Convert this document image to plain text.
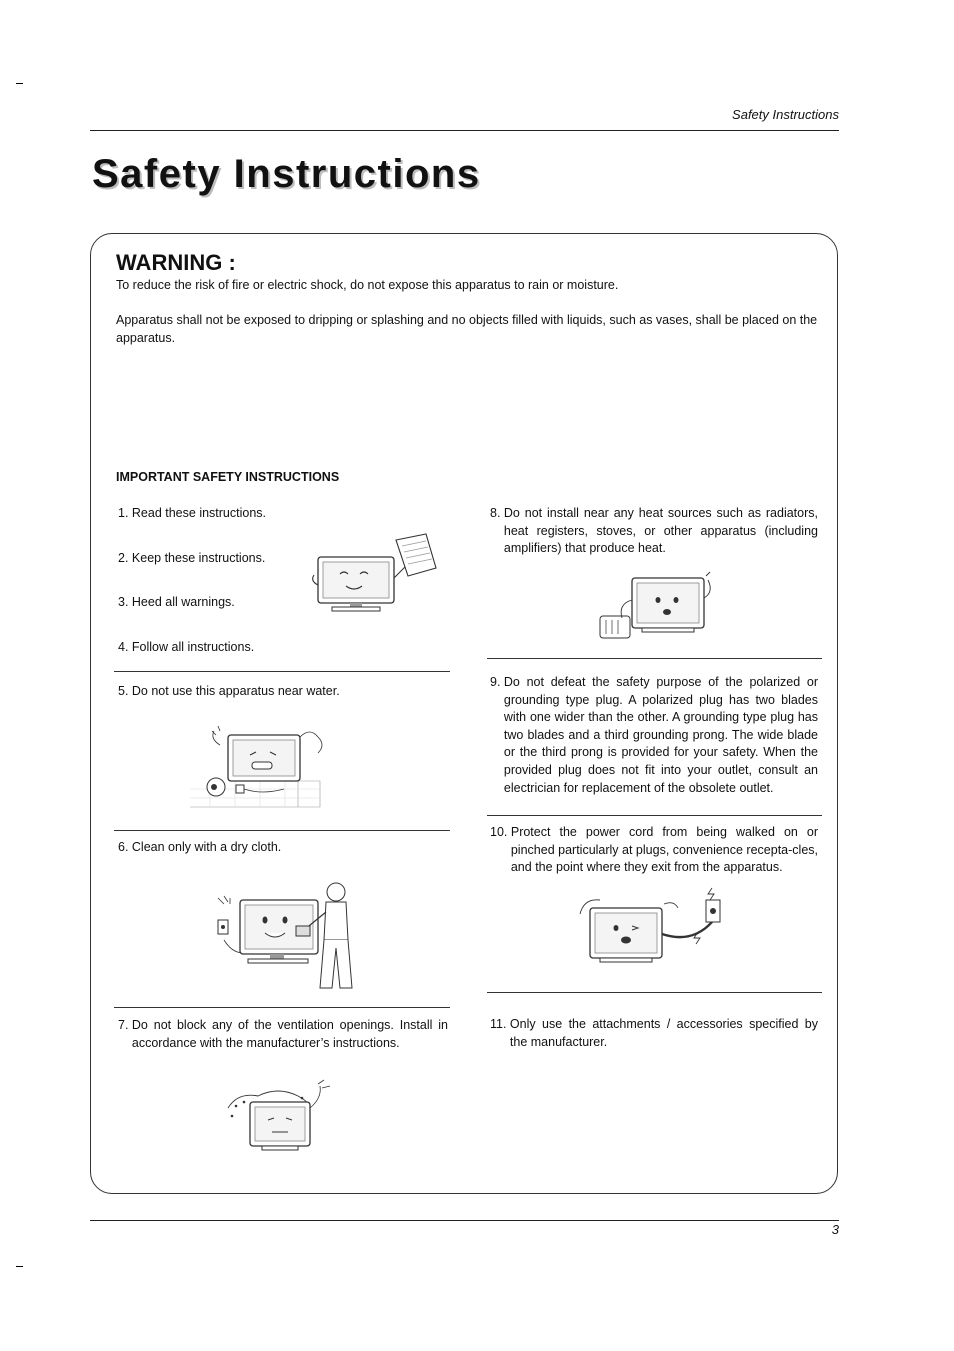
Safety Instructions
Safety Instructions
WARNING :

To reduce the risk of fire or electric shock, do not expose this apparatus to rain or moisture.

Apparatus shall not be exposed to dripping or splashing and no objects filled with liquids, such as vases, shall be placed on the apparatus.

IMPORTANT SAFETY INSTRUCTIONS
1. Read these instructions.
2. Keep these instructions.
3. Heed all warnings.
4. Follow all instructions.
5. Do not use this apparatus near water.
6. Clean only with a dry cloth.
7. Do not block any of the ventilation openings. Install in accordance with the manufacturer’s instructions.
8. Do not install near any heat sources such as radiators, heat registers, stoves, or other apparatus (including amplifiers) that produce heat.
9. Do not defeat the safety purpose of the polarized or grounding type plug. A polarized plug has two blades with one wider than the other. A grounding type plug has two blades and a third grounding prong. The wide blade or the third prong is provided for your safety. When the provided plug does not fit into your outlet, consult an electrician for replacement of the obsolete outlet.
10. Protect the power cord from being walked on or pinched particularly at plugs, convenience recepta-cles, and the point where they exit from the apparatus.
11. Only use the attachments / accessories specified by the manufacturer.
3
